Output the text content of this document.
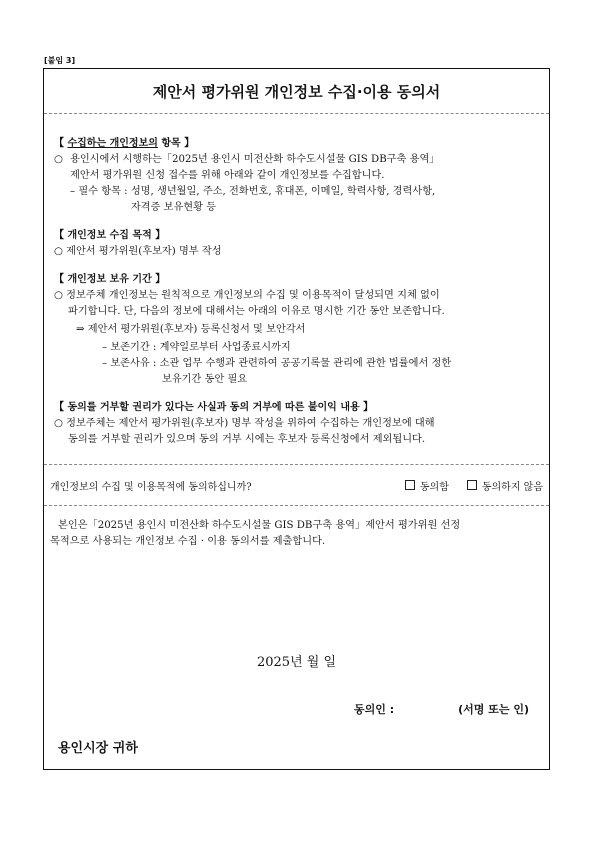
[붙임 3]
제안서 평가위원 개인정보 수집·이용 동의서
【 수집하는 개인정보의 항목 】
○ 용인시에서 시행하는「2025년 용인시 미전산화 하수도시설물 GIS DB구축 용역」
제안서 평가위원 신청 접수를 위해 아래와 같이 개인정보를 수집합니다.
– 필수 항목 : 성명, 생년월일, 주소, 전화번호, 휴대폰, 이메일, 학력사항, 경력사항,
자격증 보유현황 등
【 개인정보 수집 목적 】
○ 제안서 평가위원(후보자) 명부 작성
【 개인정보 보유 기간 】
○ 정보주체 개인정보는 원칙적으로 개인정보의 수집 및 이용목적이 달성되면 지체 없이
파기합니다. 단, 다음의 정보에 대해서는 아래의 이유로 명시한 기간 동안 보존합니다.
⇒ 제안서 평가위원(후보자) 등록신청서 및 보안각서
– 보존기간 : 계약일로부터 사업종료시까지
– 보존사유 : 소관 업무 수행과 관련하여 공공기록물 관리에 관한 법률에서 정한
보유기간 동안 필요
【 동의를 거부할 권리가 있다는 사실과 동의 거부에 따른 불이익 내용 】
○ 정보주체는 제안서 평가위원(후보자) 명부 작성을 위하여 수집하는 개인정보에 대해
동의를 거부할 권리가 있으며 동의 거부 시에는 후보자 등록신청에서 제외됩니다.
개인정보의 수집 및 이용목적에 동의하십니까?	동의함	동의하지 않음
본인은「2025년 용인시 미전산화 하수도시설물 GIS DB구축 용역」제안서 평가위원 선정
목적으로 사용되는 개인정보 수집 · 이용 동의서를 제출합니다.
2025년 월 일
동의인 :	(서명 또는 인)
용인시장 귀하
